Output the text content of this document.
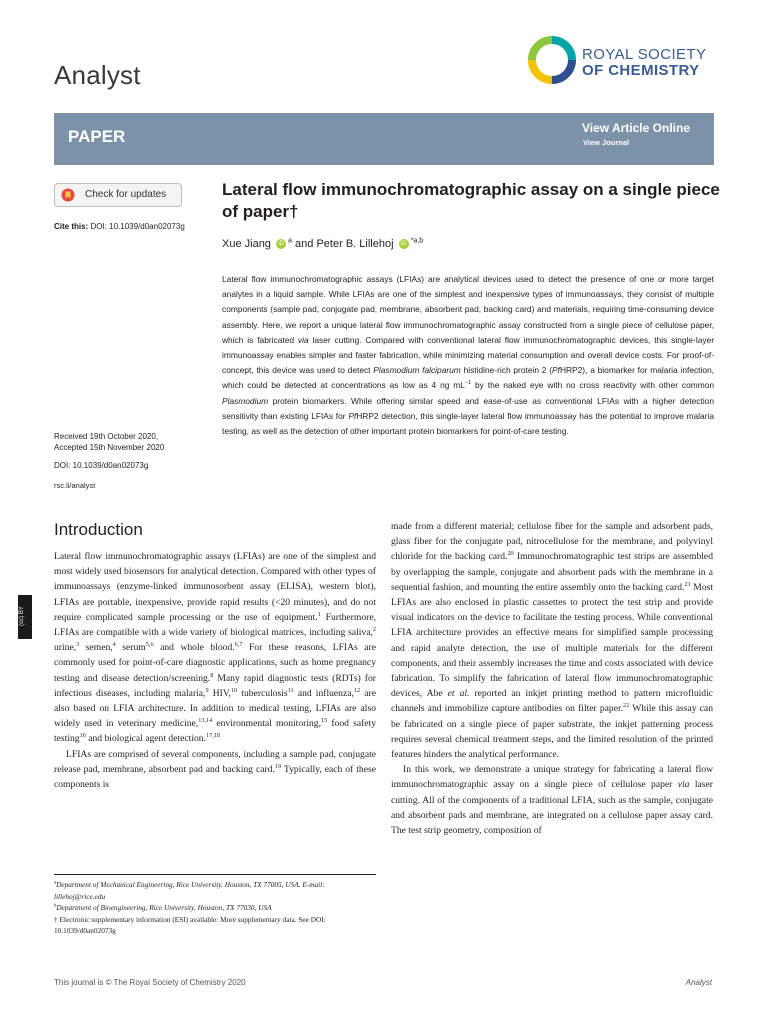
Analyst
ROYAL SOCIETY
OF CHEMISTRY
PAPER	View Article Online
View Journal
Check for updates
Cite this: DOI: 10.1039/d0an02073g
Received 19th October 2020,
Accepted 15th November 2020
DOI: 10.1039/d0an02073g
rsc.li/analyst
(cc) BY
Lateral flow immunochromatographic assay on a single piece of paper†
Xue Jiang iD $^a$ and Peter B. Lillehoj iD $^{*a,b}$
Lateral flow immunochromatographic assays (LFIAs) are analytical devices used to detect the presence of one or more target analytes in a liquid sample. While LFIAs are one of the simplest and inexpensive types of immunoassays, they consist of multiple components (sample pad, conjugate pad, membrane, absorbent pad, backing card) and materials, requiring time-consuming device assembly. Here, we report a unique lateral flow immunochromatographic assay constructed from a single piece of cellulose paper, which is fabricated via laser cutting. Compared with conventional lateral flow immunochromatographic devices, this single-layer immunoassay enables simpler and faster fabrication, while minimizing material consumption and overall device costs. For proof-of-concept, this device was used to detect Plasmodium falciparum histidine-rich protein 2 (PfHRP2), a biomarker for malaria infection, which could be detected at concentrations as low as 4 ng $mL^{-1}$ by the naked eye with no cross reactivity with other common Plasmodium protein biomarkers. While offering similar speed and ease-of-use as conventional LFIAs with a higher detection sensitivity than existing LFIAs for PfHRP2 detection, this single-layer lateral flow immunoassay has the potential to improve malaria testing, as well as the detection of other important protein biomarkers for point-of-care testing.
Introduction

Lateral flow immunochromatographic assays (LFIAs) are one of the simplest and most widely used biosensors for analytical detection. Compared with other types of immunoassays (enzyme-linked immunosorbent assay (ELISA), western blot), LFIAs are portable, inexpensive, provide rapid results (<20 minutes), and do not require complicated sample processing or the use of equipment.$^1$ Furthermore, LFIAs are compatible with a wide variety of biological matrices, including saliva,$^2$ urine,$^3$ semen,$^4$ serum$^{5,6}$ and whole blood.$^{6,7}$ For these reasons, LFIAs are commonly used for point-of-care diagnostic applications, such as home pregnancy testing and disease detection/screening.$^8$ Many rapid diagnostic tests (RDTs) for infectious diseases, including malaria,$^9$ HIV,$^{10}$ tuberculosis$^{11}$ and influenza,$^{12}$ are also based on LFIA architecture. In addition to medical testing, LFIAs are also widely used in veterinary medicine,$^{13,14}$ environmental monitoring,$^{15}$ food safety testing$^{16}$ and biological agent detection.$^{17,18}$

LFIAs are comprised of several components, including a sample pad, conjugate release pad, membrane, absorbent pad and backing card.$^{19}$ Typically, each of these components is

made from a different material; cellulose fiber for the sample and adsorbent pads, glass fiber for the conjugate pad, nitrocellulose for the membrane, and polyvinyl chloride for the backing card.$^{20}$ Immunochromatographic test strips are assembled by overlapping the sample, conjugate and absorbent pads with the membrane in a sequential fashion, and mounting the entire assembly onto the backing card.$^{21}$ Most LFIAs are also enclosed in plastic cassettes to protect the test strip and provide visual indicators on the device to facilitate the testing process. While conventional LFIA architecture provides an effective means for simplified sample processing and rapid analyte detection, the use of multiple materials for the different components, and their assembly increases the time and costs associated with device fabrication. To simplify the fabrication of lateral flow immunochromatographic devices, Abe et al. reported an inkjet printing method to pattern microfluidic channels and immobilize capture antibodies on filter paper.$^{22}$ While this assay can be fabricated on a single piece of paper substrate, the inkjet patterning process requires several chemical treatment steps, and the limited resolution of the printed features hinders the analytical performance.

In this work, we demonstrate a unique strategy for fabricating a lateral flow immunochromatographic assay on a single piece of cellulose paper via laser cutting. All of the components of a traditional LFIA, such as the sample, conjugate and absorbent pads and membrane, are integrated on a cellulose paper assay card. The test strip geometry, composition of

$^a$Department of Mechanical Engineering, Rice University, Houston, TX 77005, USA. E-mail: lillehoj@rice.edu
$^b$Department of Bioengineering, Rice University, Houston, TX 77030, USA
† Electronic supplementary information (ESI) available: More supplementary data. See DOI: 10.1039/d0an02073g
This journal is © The Royal Society of Chemistry 2020	Analyst
